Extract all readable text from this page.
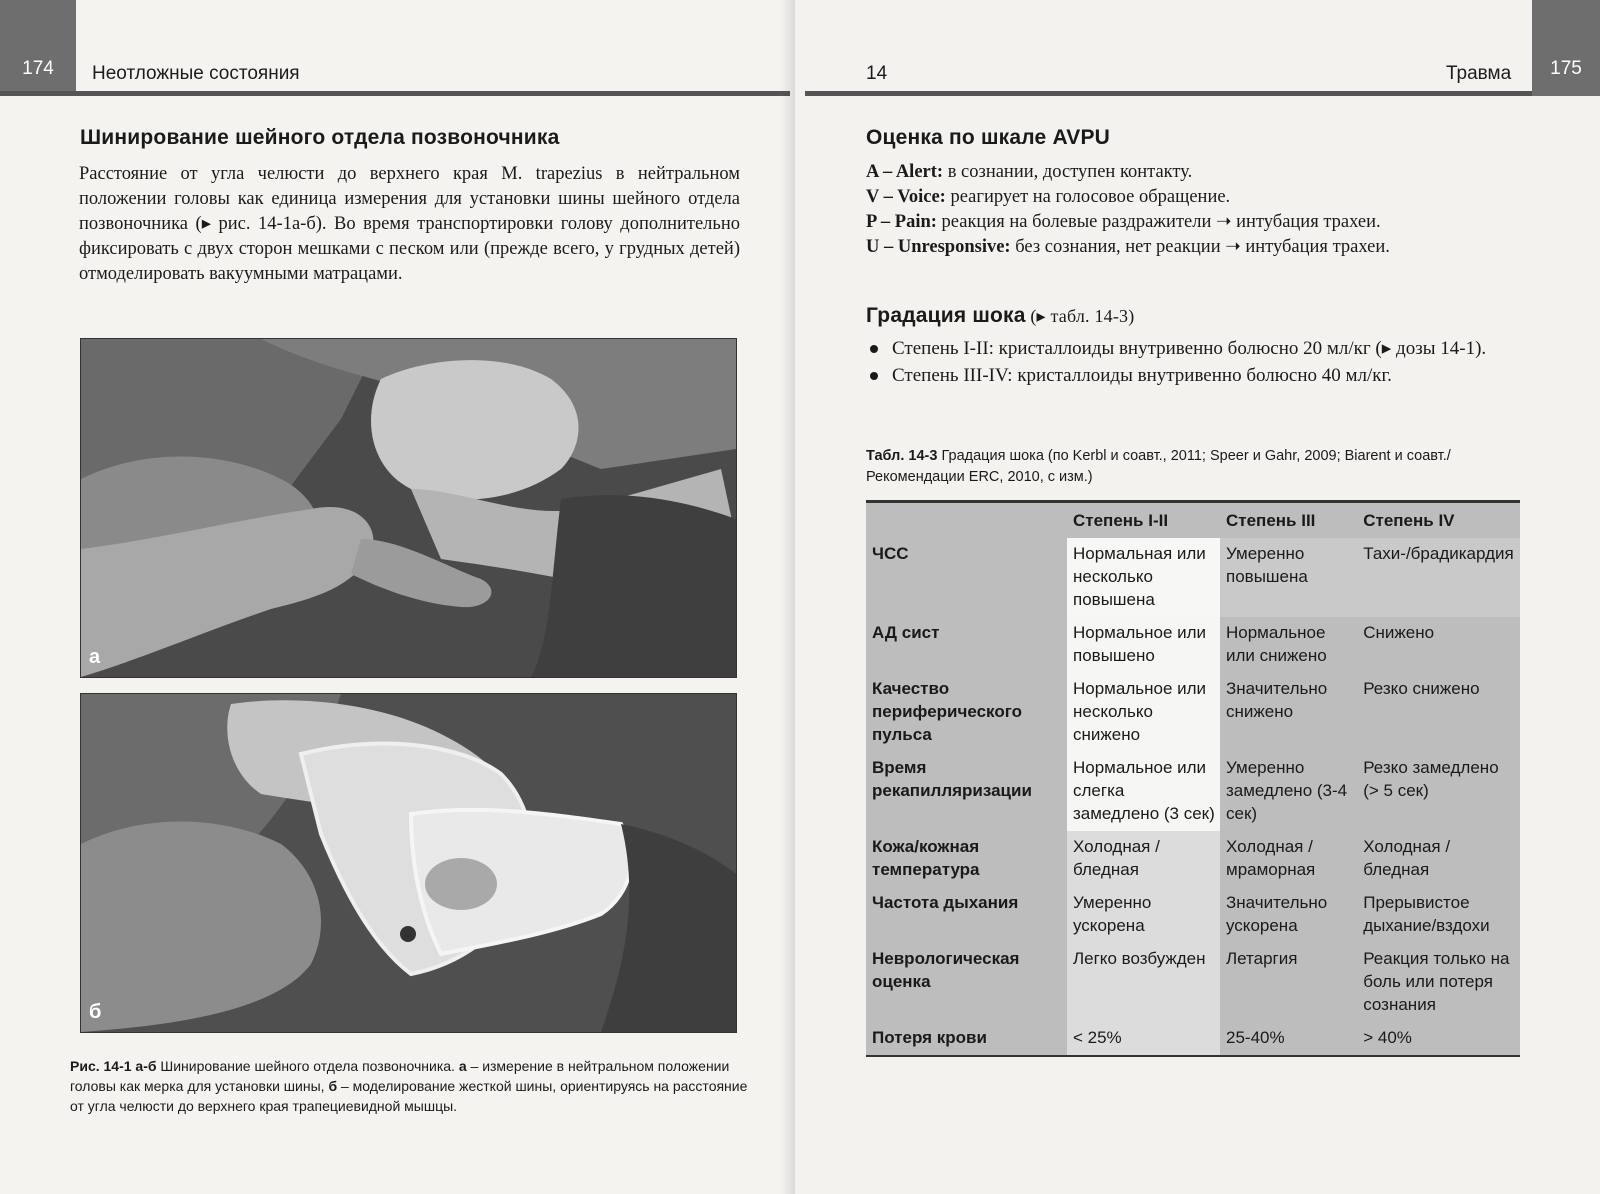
174	Неотложные состояния
Шинирование шейного отдела позвоночника

Расстояние от угла челюсти до верхнего края M. trapezius в нейтральном положении головы как единица измерения для установки шины шейного отдела позвоночника (▸ рис. 14-1а-б). Во время транспортировки голову дополнительно фиксировать с двух сторон мешками с песком или (прежде всего, у грудных детей) отмоделировать вакуумными матрацами.

а
б
Рис. 14-1 а-б Шинирование шейного отдела позвоночника. а – измерение в нейтральном положении головы как мерка для установки шины, б – моделирование жесткой шины, ориентируясь на расстояние от угла челюсти до верхнего края трапециевидной мышцы.
175
14	Травма
Оценка по шкале AVPU
A – Alert: в сознании, доступен контакту.
V – Voice: реагирует на голосовое обращение.
P – Pain: реакция на болевые раздражители ➝ интубация трахеи.
U – Unresponsive: без сознания, нет реакции ➝ интубация трахеи.
Градация шока (▸ табл. 14-3)
Степень I-II: кристаллоиды внутривенно болюсно 20 мл/кг (▸ дозы 14-1).
Степень III-IV: кристаллоиды внутривенно болюсно 40 мл/кг.
Табл. 14-3 Градация шока (по Kerbl и соавт., 2011; Speer и Gahr, 2009; Biarent и соавт./Рекомендации ERC, 2010, с изм.)
	Степень I-II	Степень III	Степень IV
ЧСС	Нормальная или несколько повышена	Умеренно повышена	Тахи-/брадикардия
АД сист	Нормальное или повышено	Нормальное или снижено	Снижено
Качество периферического пульса	Нормальное или несколько снижено	Значительно снижено	Резко снижено
Время рекапилляризации	Нормальное или слегка замедлено (3 сек)	Умеренно замедлено (3-4 сек)	Резко замедлено (> 5 сек)
Кожа/кожная температура	Холодная / бледная	Холодная / мраморная	Холодная /бледная
Частота дыхания	Умеренно ускорена	Значительно ускорена	Прерывистое дыхание/вздохи
Неврологическая оценка	Легко возбужден	Летаргия	Реакция только на боль или потеря сознания
Потеря крови	< 25%	25-40%	> 40%
